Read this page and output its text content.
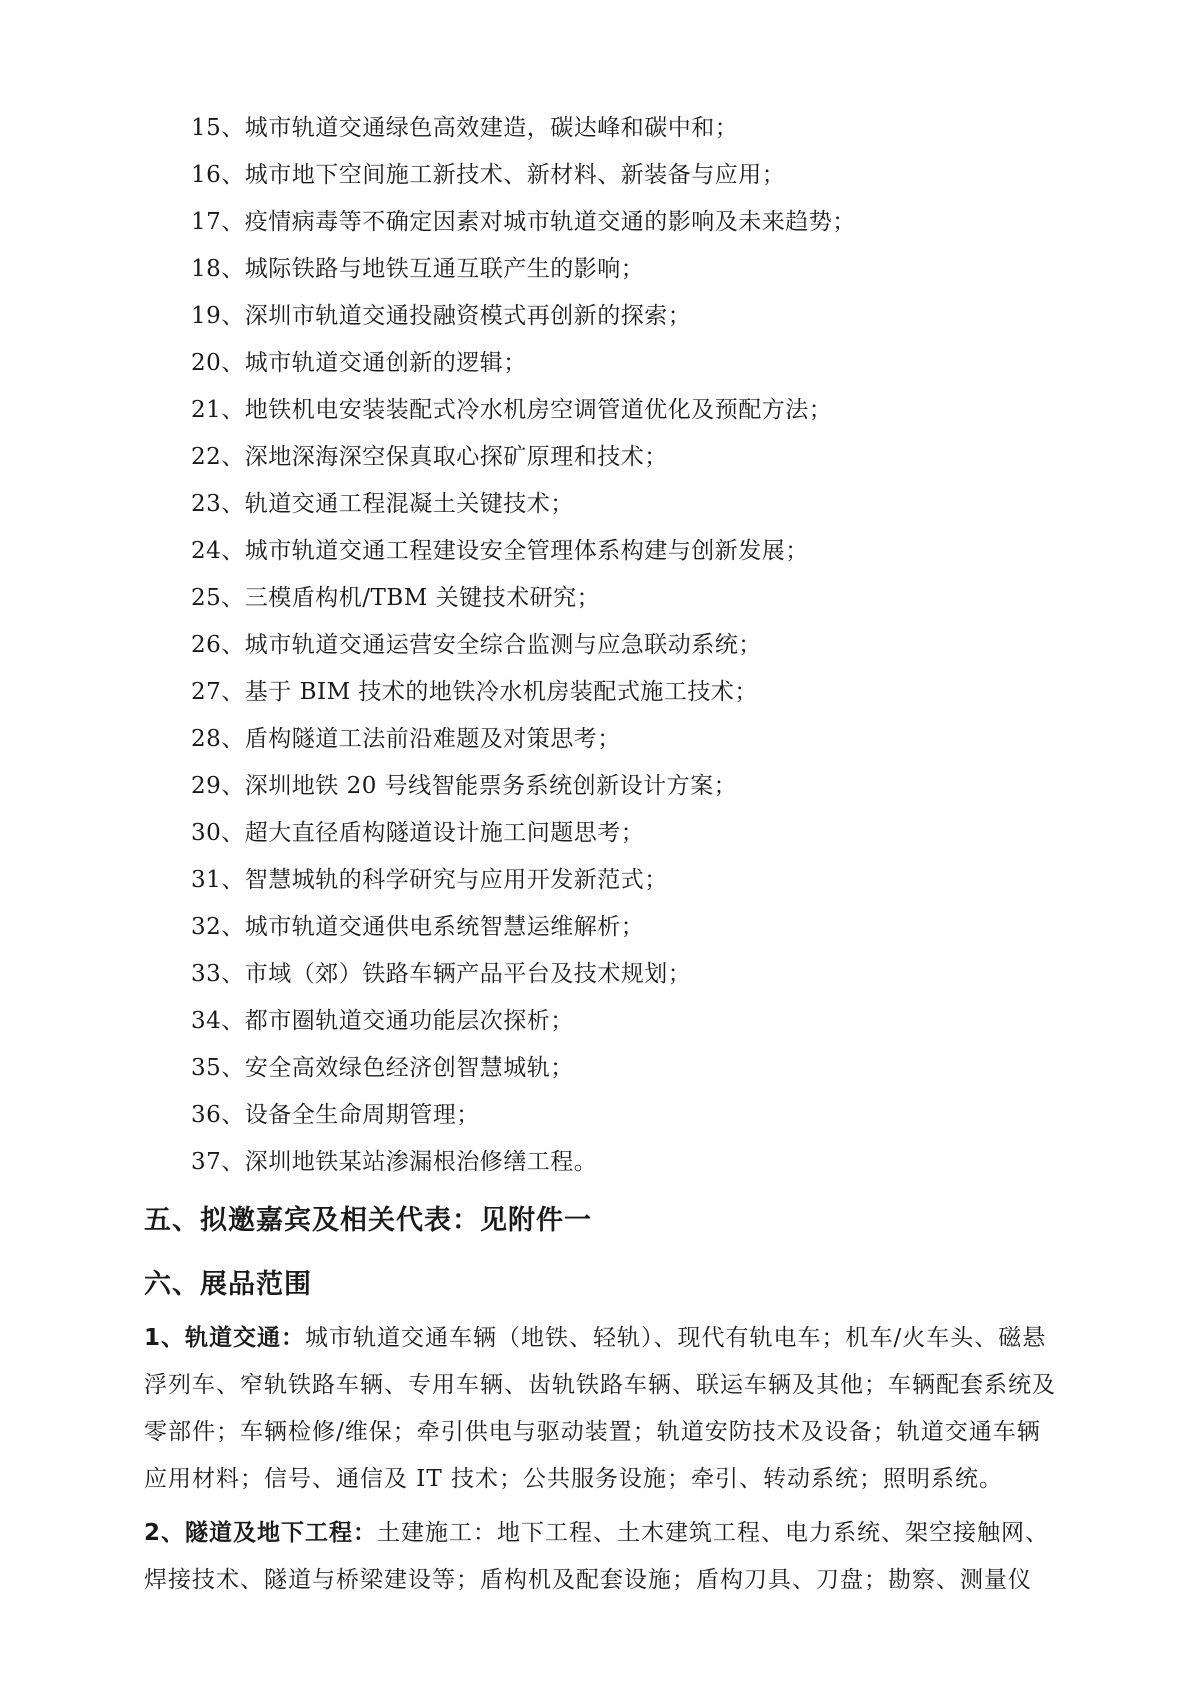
15、城市轨道交通绿色高效建造，碳达峰和碳中和；
16、城市地下空间施工新技术、新材料、新装备与应用；
17、疫情病毒等不确定因素对城市轨道交通的影响及未来趋势；
18、城际铁路与地铁互通互联产生的影响；
19、深圳市轨道交通投融资模式再创新的探索；
20、城市轨道交通创新的逻辑；
21、地铁机电安装装配式冷水机房空调管道优化及预配方法；
22、深地深海深空保真取心探矿原理和技术；
23、轨道交通工程混凝土关键技术；
24、城市轨道交通工程建设安全管理体系构建与创新发展；
25、三模盾构机/TBM 关键技术研究；
26、城市轨道交通运营安全综合监测与应急联动系统；
27、基于 BIM 技术的地铁冷水机房装配式施工技术；
28、盾构隧道工法前沿难题及对策思考；
29、深圳地铁 20 号线智能票务系统创新设计方案；
30、超大直径盾构隧道设计施工问题思考；
31、智慧城轨的科学研究与应用开发新范式；
32、城市轨道交通供电系统智慧运维解析；
33、市域（郊）铁路车辆产品平台及技术规划；
34、都市圈轨道交通功能层次探析；
35、安全高效绿色经济创智慧城轨；
36、设备全生命周期管理；
37、深圳地铁某站渗漏根治修缮工程。
五、拟邀嘉宾及相关代表：见附件一
六、展品范围

1、轨道交通：城市轨道交通车辆（地铁、轻轨）、现代有轨电车；机车/火车头、磁悬浮列车、窄轨铁路车辆、专用车辆、齿轨铁路车辆、联运车辆及其他；车辆配套系统及零部件；车辆检修/维保；牵引供电与驱动装置；轨道安防技术及设备；轨道交通车辆应用材料；信号、通信及 IT 技术；公共服务设施；牵引、转动系统；照明系统。

2、隧道及地下工程：土建施工：地下工程、土木建筑工程、电力系统、架空接触网、焊接技术、隧道与桥梁建设等；盾构机及配套设施；盾构刀具、刀盘；勘察、测量仪
